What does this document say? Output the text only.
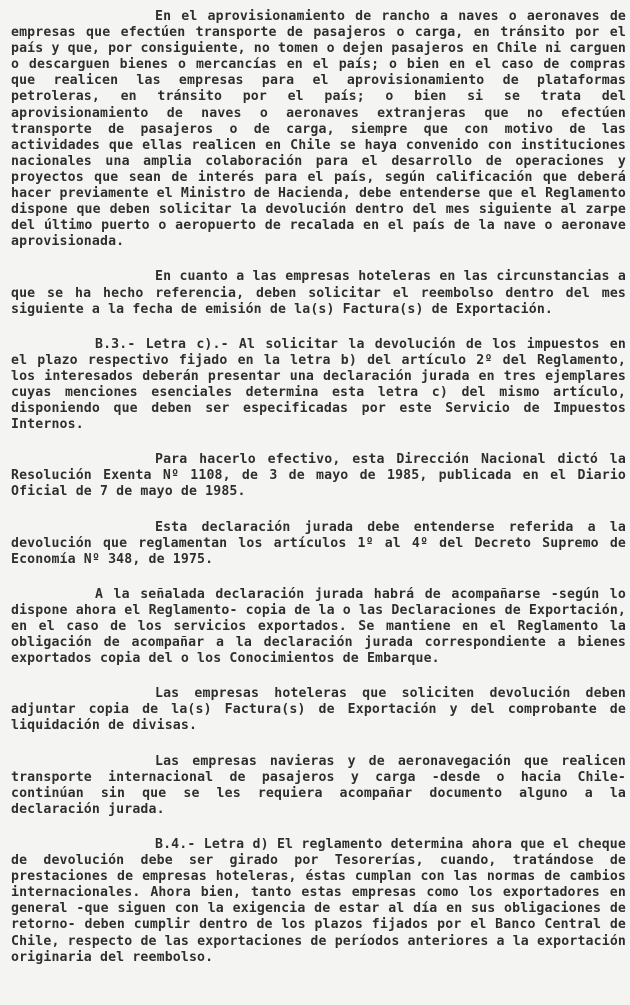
En el aprovisionamiento de rancho a naves o aeronaves de empresas que efectúen transporte de pasajeros o carga, en tránsito por el país y que, por consiguiente, no tomen o dejen pasajeros en Chile ni carguen o descarguen bienes o mercancías en el país; o bien en el caso de compras que realicen las empresas para el aprovisionamiento de plataformas petroleras, en tránsito por el país; o bien si se trata del aprovisionamiento de naves o aeronaves extranjeras que no efectúen transporte de pasajeros o de carga, siempre que con motivo de las actividades que ellas realicen en Chile se haya convenido con instituciones nacionales una amplia colaboración para el desarrollo de operaciones y proyectos que sean de interés para el país, según calificación que deberá hacer previamente el Ministro de Hacienda, debe entenderse que el Reglamento dispone que deben solicitar la devolución dentro del mes siguiente al zarpe del último puerto o aeropuerto de recalada en el país de la nave o aeronave aprovisionada.

En cuanto a las empresas hoteleras en las circunstancias a que se ha hecho referencia, deben solicitar el reembolso dentro del mes siguiente a la fecha de emisión de la(s) Factura(s) de Exportación.

B.3.- Letra c).- Al solicitar la devolución de los impuestos en el plazo respectivo fijado en la letra b) del artículo 2º del Reglamento, los interesados deberán presentar una declaración jurada en tres ejemplares cuyas menciones esenciales determina esta letra c) del mismo artículo, disponiendo que deben ser especificadas por este Servicio de Impuestos Internos.

Para hacerlo efectivo, esta Dirección Nacional dictó la Resolución Exenta Nº 1108, de 3 de mayo de 1985, publicada en el Diario Oficial de 7 de mayo de 1985.

Esta declaración jurada debe entenderse referida a la devolución que reglamentan los artículos 1º al 4º del Decreto Supremo de Economía Nº 348, de 1975.

A la señalada declaración jurada habrá de acompañarse -según lo dispone ahora el Reglamento- copia de la o las Declaraciones de Exportación, en el caso de los servicios exportados. Se mantiene en el Reglamento la obligación de acompañar a la declaración jurada correspondiente a bienes exportados copia del o los Conocimientos de Embarque.

Las empresas hoteleras que soliciten devolución deben adjuntar copia de la(s) Factura(s) de Exportación y del comprobante de liquidación de divisas.

Las empresas navieras y de aeronavegación que realicen transporte internacional de pasajeros y carga -desde o hacia Chile- continúan sin que se les requiera acompañar documento alguno a la declaración jurada.

B.4.- Letra d) El reglamento determina ahora que el cheque de devolución debe ser girado por Tesorerías, cuando, tratándose de prestaciones de empresas hoteleras, éstas cumplan con las normas de cambios internacionales. Ahora bien, tanto estas empresas como los exportadores en general -que siguen con la exigencia de estar al día en sus obligaciones de retorno- deben cumplir dentro de los plazos fijados por el Banco Central de Chile, respecto de las exportaciones de períodos anteriores a la exportación originaria del reembolso.
